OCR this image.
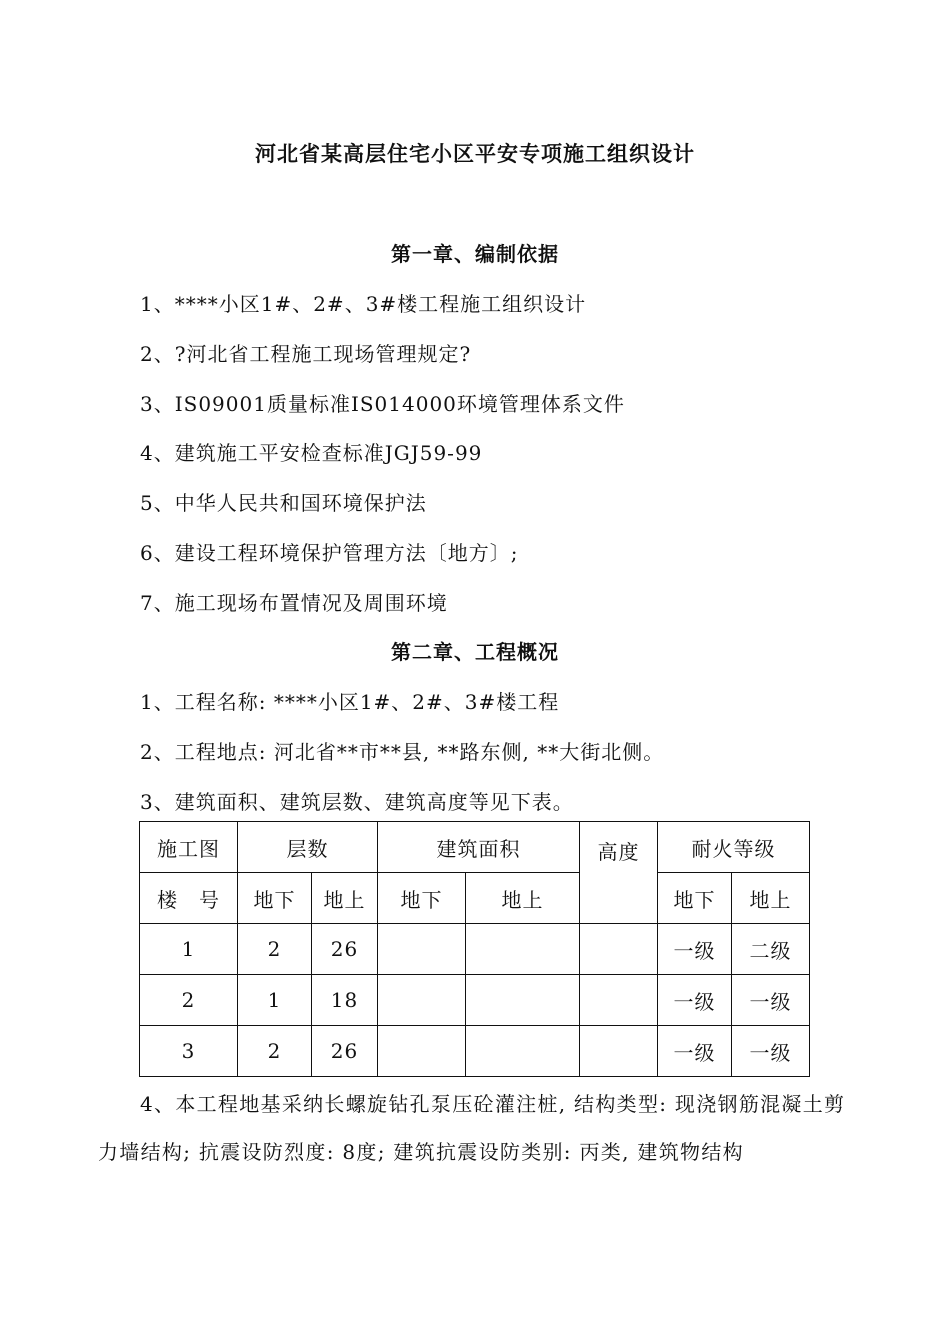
河北省某高层住宅小区平安专项施工组织设计
第一章、编制依据
1、****小区1#、2#、3#楼工程施工组织设计
2、?河北省工程施工现场管理规定?
3、IS09001质量标准IS014000环境管理体系文件
4、建筑施工平安检查标准JGJ59-99
5、中华人民共和国环境保护法
6、建设工程环境保护管理方法〔地方〕;
7、施工现场布置情况及周围环境
第二章、工程概况
1、工程名称: ****小区1#、2#、3#楼工程
2、工程地点: 河北省**市**县, **路东侧, **大街北侧。
3、建筑面积、建筑层数、建筑高度等见下表。
施工图	层数		建筑面积		高度	耐火等级	
楼　号	地下	地上	地下	地上		地下	地上
1	2	26				一级	二级
2	1	18				一级	一级
3	2	26				一级	一级
4、本工程地基采纳长螺旋钻孔泵压砼灌注桩, 结构类型: 现浇钢筋混凝土剪力墙结构; 抗震设防烈度: 8度; 建筑抗震设防类别: 丙类, 建筑物结构
